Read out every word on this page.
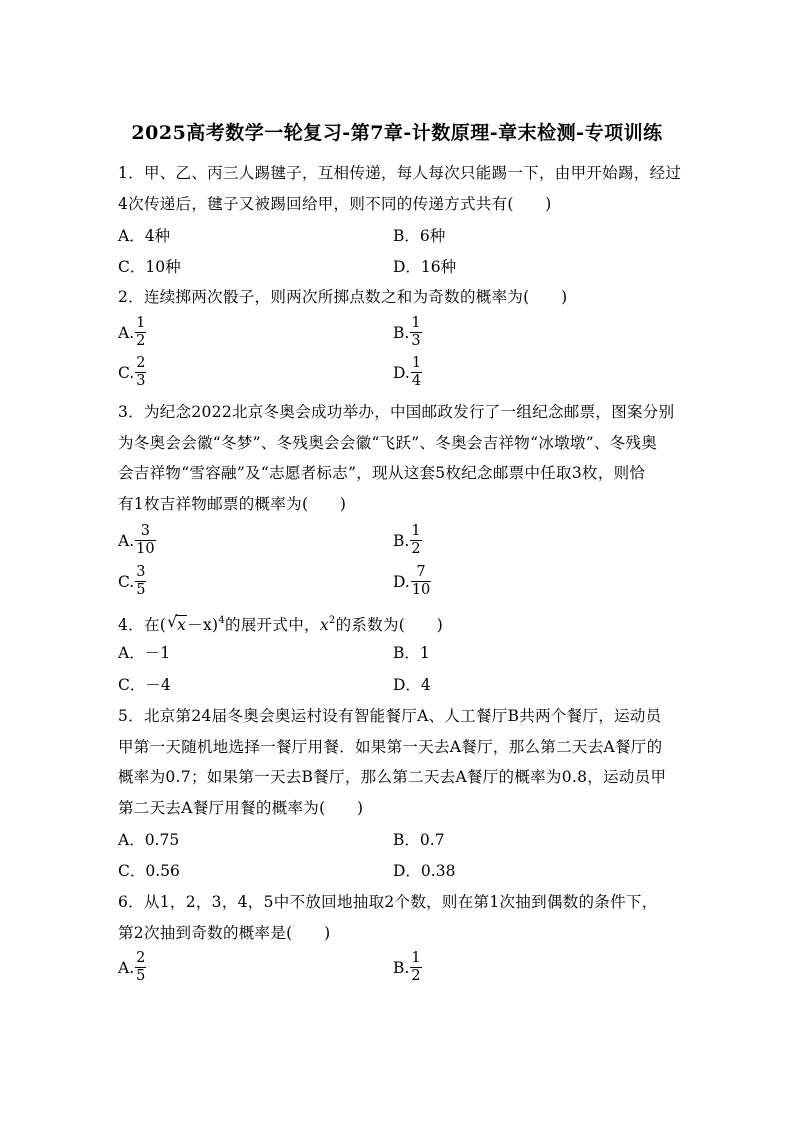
2025高考数学一轮复习-第7章-计数原理-章末检测-专项训练
1．甲、乙、丙三人踢毽子，互相传递，每人每次只能踢一下，由甲开始踢，经过
4次传递后，毽子又被踢回给甲，则不同的传递方式共有(　　)
A．4种	B．6种
C．10种	D．16种
2．连续掷两次骰子，则两次所掷点数之和为奇数的概率为(　　)
A. $\frac{1}{2}$	B. $\frac{1}{3}$
C. $\frac{2}{3}$	D. $\frac{1}{4}$
3．为纪念2022北京冬奥会成功举办，中国邮政发行了一组纪念邮票，图案分别
为冬奥会会徽“冬梦”、冬残奥会会徽“飞跃”、冬奥会吉祥物“冰墩墩”、冬残奥
会吉祥物“雪容融”及“志愿者标志”，现从这套5枚纪念邮票中任取3枚，则恰
有1枚吉祥物邮票的概率为(　　)
A. $\frac{3}{10}$	B. $\frac{1}{2}$
C. $\frac{3}{5}$	D. $\frac{7}{10}$
4．在( √ x－x)$^4$的展开式中，$x^2$的系数为(　　)
A．－1	B．1
C．－4	D．4
5．北京第24届冬奥会奥运村设有智能餐厅A、人工餐厅B共两个餐厅，运动员
甲第一天随机地选择一餐厅用餐．如果第一天去A餐厅，那么第二天去A餐厅的
概率为0.7；如果第一天去B餐厅，那么第二天去A餐厅的概率为0.8，运动员甲
第二天去A餐厅用餐的概率为(　　)
A．0.75	B．0.7
C．0.56	D．0.38
6．从1，2，3，4，5中不放回地抽取2个数，则在第1次抽到偶数的条件下，
第2次抽到奇数的概率是(　　)
A. $\frac{2}{5}$	B. $\frac{1}{2}$
